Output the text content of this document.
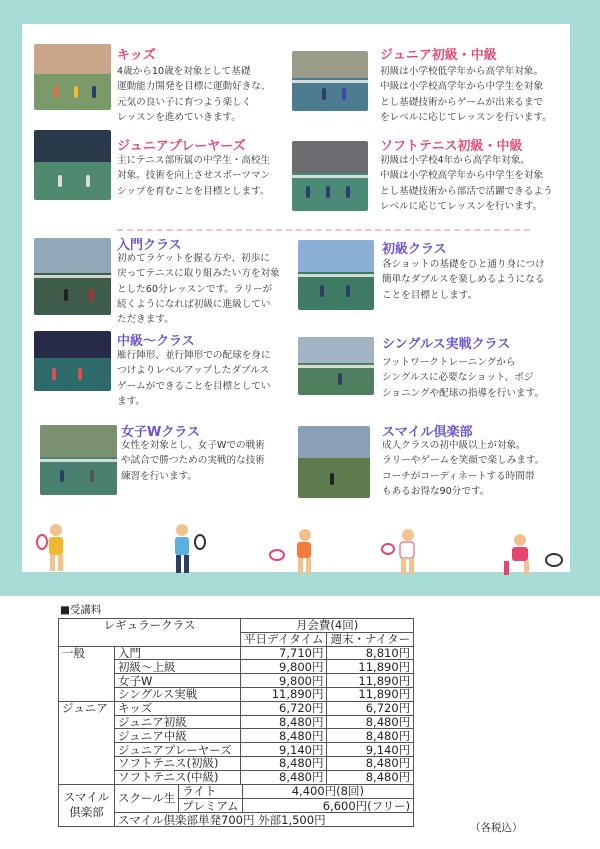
キッズ	ジュニア初級・中級
ジュニアプレーヤーズ	ソフトテニス初級・中級
入門クラス	初級クラス
中級～クラス	シングルス実戦クラス
女子Wクラス	スマイル倶楽部
4歳から10歳を対象として基礎
運動能力開発を目標に運動好きな、
元気の良い子に育つよう楽しく
レッスンを進めていきます。
初級は小学校低学年から高学年対象。
中級は小学校高学年から中学生を対象
とし基礎技術からゲームが出来るまで
をレベルに応じてレッスンを行います。
主にテニス部所属の中学生・高校生
対象。技術を向上させスポーツマン
シップを育むことを目標とします。
初級は小学校4年から高学年対象。
中級は小学校高学年から中学生を対象
とし基礎技術から部活で活躍できるよう
レベルに応じてレッスンを行います。
初めてラケットを握る方や、初歩に
戻ってテニスに取り組みたい方を対象
とした60分レッスンです。ラリーが
続くようになれば初級に進級してい
ただきます。
各ショットの基礎をひと通り身につけ
簡単なダブルスを楽しめるようになる
ことを目標とします。
雁行陣形、並行陣形での配球を身に
つけよりレベルアップしたダブルス
ゲームができることを目標としてい
ます。
フットワークトレーニングから
シングルスに必要なショット、ポジ
ショニングや配球の指導を行います。
女性を対象とし、女子Wでの戦術
や試合で勝つための実戦的な技術
練習を行います。
成人クラスの初中級以上が対象。
ラリーやゲームを笑顔で楽しみます。
コーチがコーディネートする時間帯
もあるお得な90分です。
■受講料
レギュラークラス	月会費(4回)
平日デイタイム	週末・ナイター
一般	入門	7,710円	8,810円
初級～上級	9,800円	11,890円
女子W	9,800円	11,890円
シングルス実戦	11,890円	11,890円
ジュニア	キッズ	6,720円	6,720円
ジュニア初級	8,480円	8,480円
ジュニア中級	8,480円	8,480円
ジュニアプレーヤーズ	9,140円	9,140円
ソフトテニス(初級)	8,480円	8,480円
ソフトテニス(中級)	8,480円	8,480円

スマイル
倶楽部

スクール生	ライト	4,400円(8回)
プレミアム	6,600円(フリー)

スマイル倶楽部単発700円 外部1,500円
（各税込）
